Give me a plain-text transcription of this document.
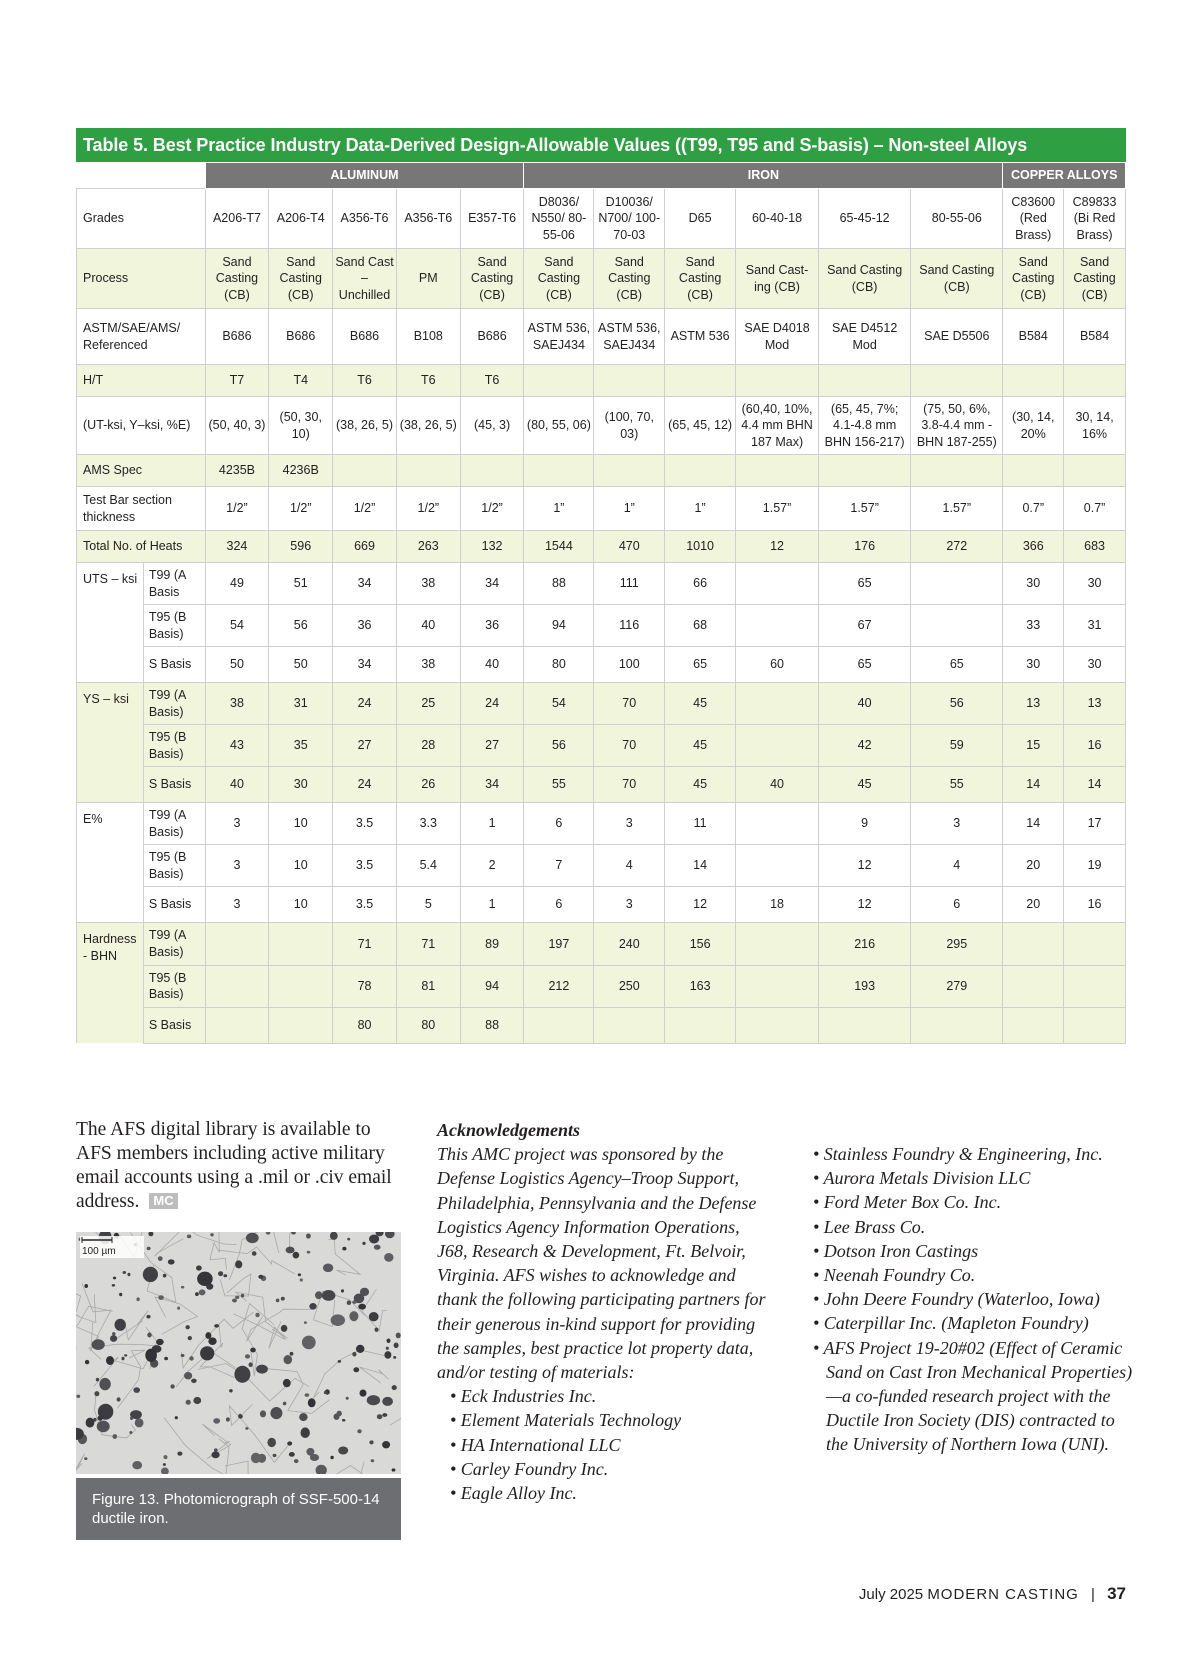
Table 5. Best Practice Industry Data-Derived Design-Allowable Values ((T99, T95 and S-basis) – Non-steel Alloys
		ALUMINUM					IRON						COPPER ALLOYS	
Grades		A206-T7	A206-T4	A356-T6	A356-T6	E357-T6	D8036/ N550/ 80-55-06	D10036/ N700/ 100-70-03	D65	60-40-18	65-45-12	80-55-06	C83600 (Red Brass)	C89833 (Bi Red Brass)
Process		Sand Casting (CB)	Sand Casting (CB)	Sand Cast – Unchilled	PM	Sand Casting (CB)	Sand Casting (CB)	Sand Casting (CB)	Sand Casting (CB)	Sand Cast- ing (CB)	Sand Casting (CB)	Sand Casting (CB)	Sand Casting (CB)	Sand Casting (CB)
ASTM/SAE/AMS/ Referenced		B686	B686	B686	B108	B686	ASTM 536, SAEJ434	ASTM 536, SAEJ434	ASTM 536	SAE D4018 Mod	SAE D4512 Mod	SAE D5506	B584	B584
H/T		T7	T4	T6	T6	T6								
(UT-ksi, Y–ksi, %E)		(50, 40, 3)	(50, 30, 10)	(38, 26, 5)	(38, 26, 5)	(45, 3)	(80, 55, 06)	(100, 70, 03)	(65, 45, 12)	(60,40, 10%, 4.4 mm BHN 187 Max)	(65, 45, 7%; 4.1-4.8 mm BHN 156-217)	(75, 50, 6%, 3.8-4.4 mm - BHN 187-255)	(30, 14, 20%	30, 14, 16%
AMS Spec		4235B	4236B											
Test Bar section thickness		1/2”	1/2”	1/2”	1/2”	1/2”	1”	1”	1”	1.57”	1.57”	1.57”	0.7”	0.7”
Total No. of Heats		324	596	669	263	132	1544	470	1010	12	176	272	366	683
UTS – ksi	T99 (A Basis	49	51	34	38	34	88	111	66		65		30	30
	T95 (B Basis)	54	56	36	40	36	94	116	68		67		33	31
	S Basis	50	50	34	38	40	80	100	65	60	65	65	30	30
YS – ksi	T99 (A Basis)	38	31	24	25	24	54	70	45		40	56	13	13
	T95 (B Basis)	43	35	27	28	27	56	70	45		42	59	15	16
	S Basis	40	30	24	26	34	55	70	45	40	45	55	14	14
E%	T99 (A Basis)	3	10	3.5	3.3	1	6	3	11		9	3	14	17
	T95 (B Basis)	3	10	3.5	5.4	2	7	4	14		12	4	20	19
	S Basis	3	10	3.5	5	1	6	3	12	18	12	6	20	16
Hardness - BHN	T99 (A Basis)			71	71	89	197	240	156		216	295		
	T95 (B Basis)			78	81	94	212	250	163		193	279		
	S Basis			80	80	88								

The AFS digital library is available to AFS members including active military email accounts using a .mil or .civ email address. MC

100 µm
Figure 13. Photomicrograph of SSF-500-14 ductile iron.
Acknowledgements
This AMC project was sponsored by the Defense Logistics Agency–Troop Support, Philadelphia, Pennsylvania and the Defense Logistics Agency Information Operations, J68, Research & Development, Ft. Belvoir, Virginia. AFS wishes to acknowledge and thank the following participating partners for their generous in-kind support for providing the samples, best practice lot property data, and/or testing of materials:
• Eck Industries Inc.
• Element Materials Technology
• HA International LLC
• Carley Foundry Inc.
• Eagle Alloy Inc.
• Stainless Foundry & Engineering, Inc.
• Aurora Metals Division LLC
• Ford Meter Box Co. Inc.
• Lee Brass Co.
• Dotson Iron Castings
• Neenah Foundry Co.
• John Deere Foundry (Waterloo, Iowa)
• Caterpillar Inc. (Mapleton Foundry)
• AFS Project 19-20#02 (Effect of Ceramic Sand on Cast Iron Mechanical Properties)—a co-funded research project with the Ductile Iron Society (DIS) contracted to the University of Northern Iowa (UNI).
July 2025 MODERN CASTING | 37
